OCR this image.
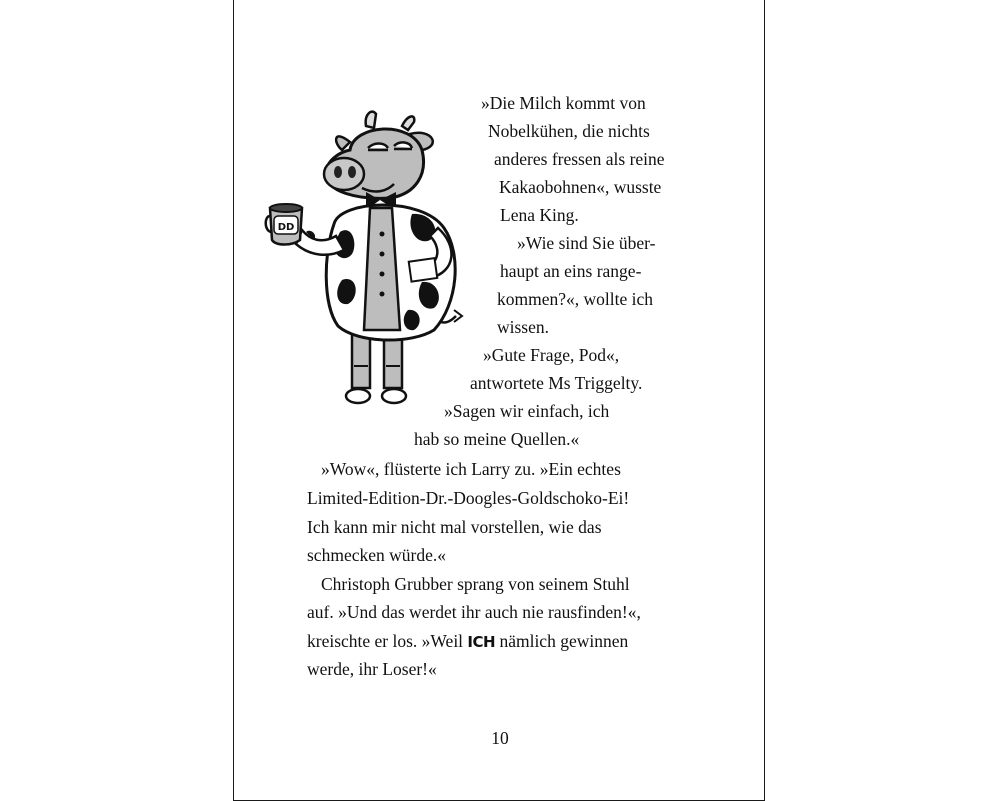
DD
»Die Milch kommt von
Nobelkühen, die nichts
anderes fressen als reine
Kakaobohnen«, wusste
Lena King.
»Wie sind Sie über-
haupt an eins range-
kommen?«, wollte ich
wissen.
»Gute Frage, Pod«,
antwortete Ms Triggelty.
»Sagen wir einfach, ich
hab so meine Quellen.«
»Wow«, flüsterte ich Larry zu. »Ein echtes
Limited-Edition-Dr.-Doogles-Goldschoko-Ei!
Ich kann mir nicht mal vorstellen, wie das
schmecken würde.«
Christoph Grubber sprang von seinem Stuhl
auf. »Und das werdet ihr auch nie rausfinden!«,
kreischte er los. »Weil ICH nämlich gewinnen
werde, ihr Loser!«
10
